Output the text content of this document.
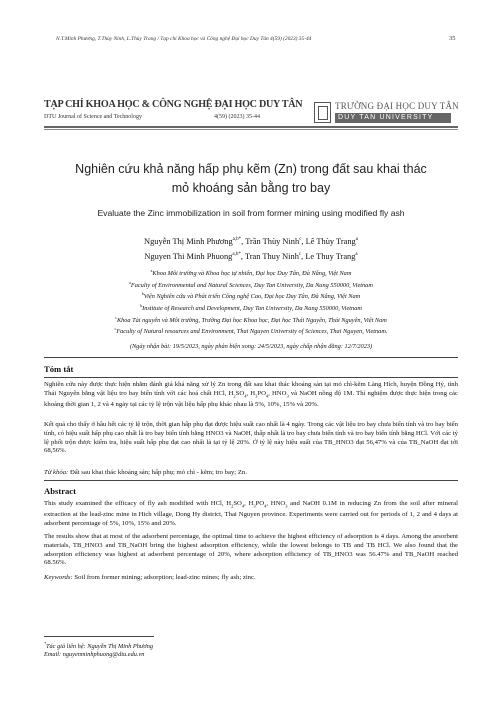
N.T.Minh Phương, T.Thùy Ninh, L.Thùy Trang / Tạp chí Khoa học và Công nghệ Đại học Duy Tân 4(59) (2023) 35-44	35
TẠP CHÍ KHOA HỌC & CÔNG NGHỆ ĐẠI HỌC DUY TÂN
DTU Journal of Science and Technology	4(59) (2023) 35-44
TRƯỜNG ĐẠI HỌC DUY TÂN
DUY TAN UNIVERSITY
Nghiên cứu khả năng hấp phụ kẽm (Zn) trong đất sau khai thác
mỏ khoáng sản bằng tro bay
Evaluate the Zinc immobilization in soil from former mining using modified fly ash
Nguyễn Thị Minh Phương$^{a,b*}$, Trần Thùy Ninh$^c$, Lê Thùy Trang$^a$
Nguyen Thi Minh Phuong$^{a,b*}$, Tran Thuy Ninh$^c$, Le Thuy Trang$^a$
$^a$Khoa Môi trường và Khoa học tự nhiên, Đại học Duy Tân, Đà Nẵng, Việt Nam
$^a$Faculty of Environmental and Natural Sciences, Duy Tan University, Da Nang 550000, Vietnam
$^b$Viện Nghiên cứu và Phát triển Công nghệ Cao, Đại học Duy Tân, Đà Nẵng, Việt Nam
$^b$Institute of Research and Development, Duy Tan University, Da Nang 550000, Vietnam
$^c$Khoa Tài nguyên và Môi trường, Trường Đại học Khoa học, Đại học Thái Nguyên, Thái Nguyên, Việt Nam
$^c$Faculty of Natural resources and Environment, Thai Nguyen University of Sciences, Thai Nguyen, Vietnam.
(Ngày nhận bài: 19/5/2023, ngày phản biện xong: 24/5/2023, ngày chấp nhận đăng: 12/7/2023)
Tóm tắt
Nghiên cứu này được thực hiện nhằm đánh giá khả năng xử lý Zn trong đất sau khai thác khoáng sản tại mỏ chì-kẽm Làng Hích, huyện Đồng Hỷ, tỉnh Thái Nguyên bằng vật liệu tro bay biến tính với các hoá chất HCl, $H_2SO_4$, $H_3PO_4$, $HNO_3$ và NaOH nồng độ 1M. Thí nghiệm được thực hiện trong các khoảng thời gian 1, 2 và 4 ngày tại các tỷ lệ trộn vật liệu hấp phụ khác nhau là 5%, 10%, 15% và 20%.
Kết quả cho thấy ở hầu hết các tỷ lệ trộn, thời gian hấp phụ đạt được hiệu suất cao nhất là 4 ngày. Trong các vật liệu tro bay chưa biến tính và tro bay biến tính, có hiệu suất hấp phụ cao nhất là tro bay biến tính bằng HNO3 và NaOH, thấp nhất là tro bay chưa biến tính và tro bay biến tính bằng HCl. Với các tỷ lệ phối trộn được kiểm tra, hiệu suất hấp phụ đạt cao nhất là tại tỷ lệ 20%. Ở tỷ lệ này hiệu suất của TB_HNO3 đạt 56,47% và của TB_NaOH đạt tới 68,56%.
Từ khóa: Đất sau khai thác khoáng sản; hấp phụ; mỏ chì - kẽm; tro bay; Zn.
Abstract
This study examined the efficacy of fly ash modified with HCl, $H_2SO_4$, $H_3PO_4$, $HNO_3$ and NaOH 0.1M in reducing Zn from the soil after mineral extraction at the lead-zinc mine in Hich village, Dong Hy district, Thai Nguyen province. Experiments were carried out for periods of 1, 2 and 4 days at adsorbent percentage of 5%, 10%, 15% and 20%.
The results show that at most of the adsorbent percentage, the optimal time to achieve the highest efficiency of adsorption is 4 days. Among the arsorbent materials, TB_HNO3 and TB_NaOH bring the highest adsorption efficiency, while the lowest belongs to TB and TB HCl. We also found that the adsorption efficiency was highest at adsorbent percentage of 20%, where adsorption efficiency of TB_HNO3 was 56.47% and TB_NaOH reached 68.56%.
Keywords: Soil from former mining; adsorption; lead-zinc mines; fly ash; zinc.
*Tác giả liên hệ: Nguyễn Thị Minh Phương
Email: nguyenminhphuong@dtu.edu.vn
